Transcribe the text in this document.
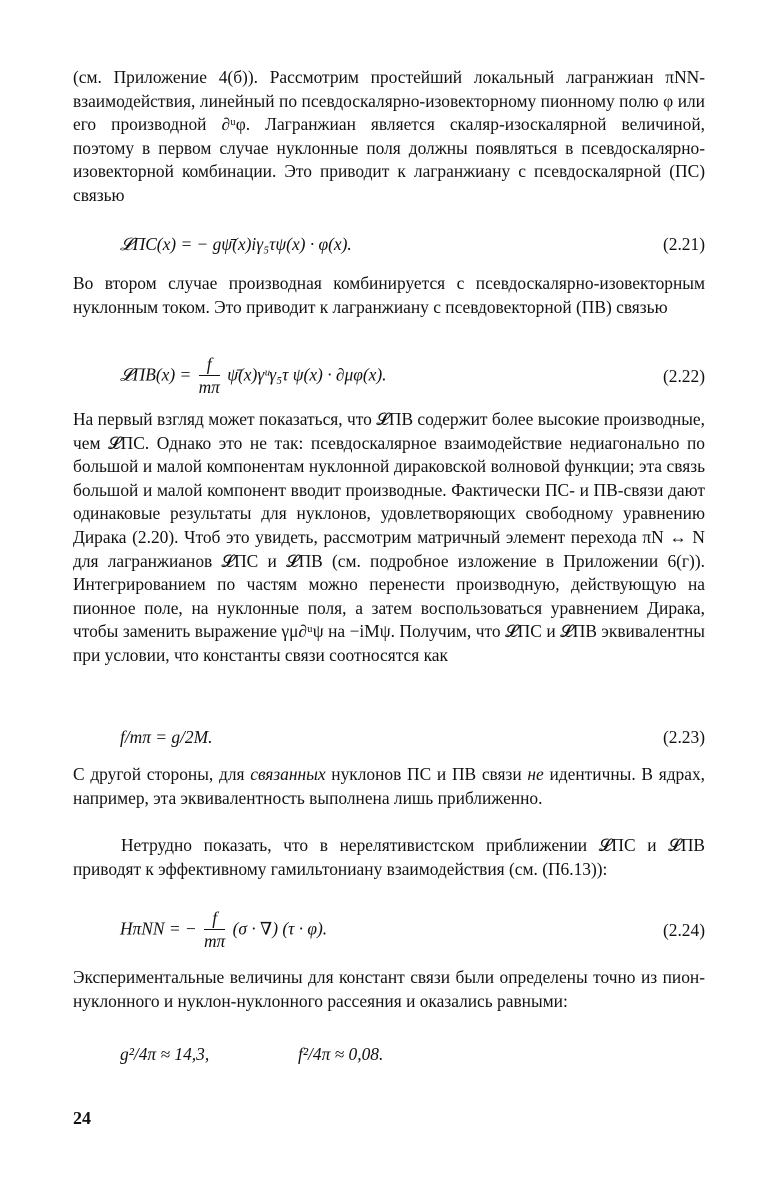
(см. Приложение 4(б)). Рассмотрим простейший локальный лагранжиан πNN-взаимодействия, линейный по псевдоскалярно-изовекторному пионному полю φ или его производной ∂ᵘφ. Лагранжиан является скаляр-изоскалярной величиной, поэтому в первом случае нуклонные поля должны появляться в псевдоскалярно-изовекторной комбинации. Это приводит к лагранжиану с псевдоскалярной (ПС) связью
𝓛ПС(x) = − gψ̄(x)iγ₅τψ(x) · φ(x).	(2.21)
Во втором случае производная комбинируется с псевдоскалярно-изовекторным нуклонным током. Это приводит к лагранжиану с псевдовекторной (ПВ) связью
𝓛ПВ(x) = $\frac{f}{m\pi}$ ψ̄(x)γᵘγ₅τ ψ(x) · ∂μφ(x).	(2.22)
На первый взгляд может показаться, что 𝓛ПВ содержит более высокие производные, чем 𝓛ПС. Однако это не так: псевдоскалярное взаимодействие недиагонально по большой и малой компонентам нуклонной дираковской волновой функции; эта связь большой и малой компонент вводит производные. Фактически ПС- и ПВ-связи дают одинаковые результаты для нуклонов, удовлетворяющих свободному уравнению Дирака (2.20). Чтоб это увидеть, рассмотрим матричный элемент перехода πN ↔ N для лагранжианов 𝓛ПС и 𝓛ПВ (см. подробное изложение в Приложении 6(г)). Интегрированием по частям можно перенести производную, действующую на пионное поле, на нуклонные поля, а затем воспользоваться уравнением Дирака, чтобы заменить выражение γμ∂ᵘψ на −iMψ. Получим, что 𝓛ПС и 𝓛ПВ эквивалентны при условии, что константы связи соотносятся как
f/mπ = g/2M.	(2.23)
С другой стороны, для связанных нуклонов ПС и ПВ связи не идентичны. В ядрах, например, эта эквивалентность выполнена лишь приближенно.
Нетрудно показать, что в нерелятивистском приближении 𝓛ПС и 𝓛ПВ приводят к эффективному гамильтониану взаимодействия (см. (П6.13)):
HπNN = − $\frac{f}{m\pi} (\sigma$ · ∇) (τ · φ).	(2.24)
Экспериментальные величины для констант связи были определены точно из пион-нуклонного и нуклон-нуклонного рассеяния и оказались равными:
g²/4π ≈ 14,3,	f²/4π ≈ 0,08.
24
